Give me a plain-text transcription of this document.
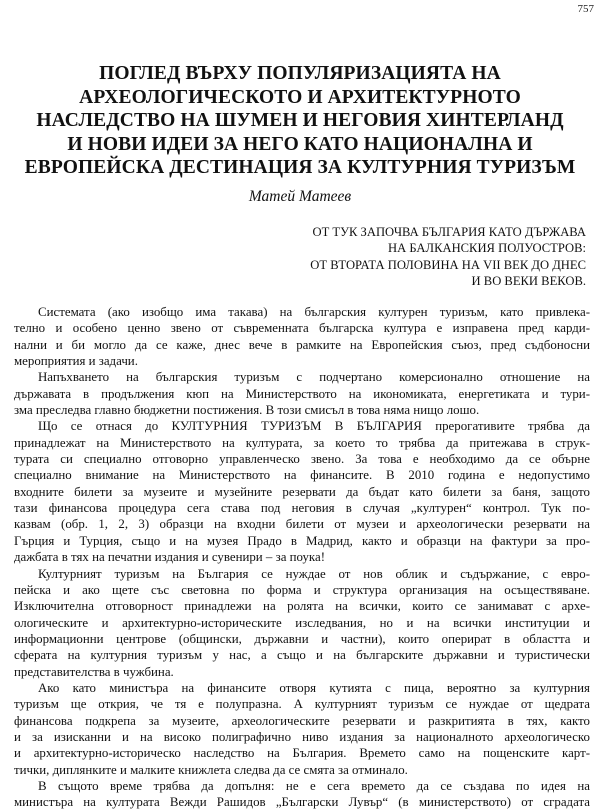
757
ПОГЛЕД ВЪРХУ ПОПУЛЯРИЗАЦИЯТА НА
АРХЕОЛОГИЧЕСКОТО И АРХИТЕКТУРНОТО
НАСЛЕДСТВО НА ШУМЕН И НЕГОВИЯ ХИНТЕРЛАНД
И НОВИ ИДЕИ ЗА НЕГО КАТО НАЦИОНАЛНА И
ЕВРОПЕЙСКА ДЕСТИНАЦИЯ ЗА КУЛТУРНИЯ ТУРИЗЪМ
Матей Матеев
ОТ ТУК ЗАПОЧВА БЪЛГАРИЯ КАТО ДЪРЖАВА
НА БАЛКАНСКИЯ ПОЛУОСТРОВ:
ОТ ВТОРАТА ПОЛОВИНА НА VII ВЕК ДО ДНЕС
И ВО ВЕКИ ВЕКОВ.

Системата (ако изобщо има такава) на българския културен туризъм, като привлека-
телно и особено ценно звено от съвременната българска култура е изправена пред карди-
нални и би могло да се каже, днес вече в рамките на Европейския съюз, пред съдбоносни
мероприятия и задачи.

Напъхването на българския туризъм с подчертано комерсионално отношение на
държавата в продължения кюп на Министерството на икономиката, енергетиката и тури-
зма преследва главно бюджетни постижения. В този смисъл в това няма нищо лошо.

Що се отнася до КУЛТУРНИЯ ТУРИЗЪМ В БЪЛГАРИЯ прерогативите трябва да
принадлежат на Министерството на културата, за което то трябва да притежава в струк-
турата си специално отговорно управленческо звено. За това е необходимо да се обърне
специално внимание на Министерството на финансите. В 2010 година е недопустимо
входните билети за музеите и музейните резервати да бъдат като билети за баня, защото
тази финансова процедура сега става под неговия в случая „културен“ контрол. Тук по-
казвам (обр. 1, 2, 3) образци на входни билети от музеи и археологически резервати на
Гърция и Турция, също и на музея Прадо в Мадрид, както и образци на фактури за про-
дажбата в тях на печатни издания и сувенири – за поука!

Културният туризъм на България се нуждае от нов облик и съдържание, с евро-
пейска и ако щете със световна по форма и структура организация на осъществяване.
Изключителна отговорност принадлежи на ролята на всички, които се занимават с архе-
ологическите и архитектурно-историческите изследвания, но и на всички институции и
информационни центрове (общински, държавни и частни), които оперират в областта и
сферата на културния туризъм у нас, а също и на българските държавни и туристически
представителства в чужбина.

Ако като министъра на финансите отворя кутията с пица, вероятно за културния
туризъм ще открия, че тя е полупразна. А културният туризъм се нуждае от щедрата
финансова подкрепа за музеите, археологическите резервати и разкритията в тях, както
и за изисканни и на високо полиграфично ниво издания за националното археологическо
и архитектурно-историческо наследство на България. Времето само на пощенските карт-
тички, диплянките и малките книжлета следва да се смята за отминало.

В същото време трябва да допълня: не е сега времето да се създава по идея на
министъра на културата Вежди Рашидов „Български Лувър“ (в министерството) от сградата
